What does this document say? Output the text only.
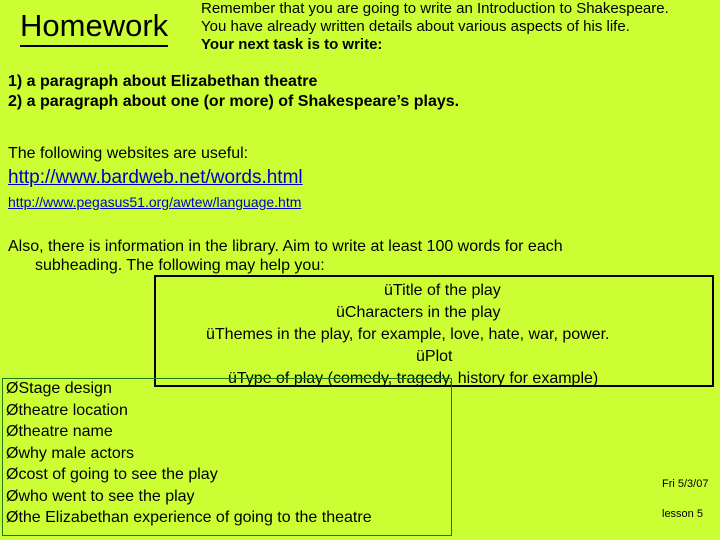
Homework Remember that you are going to write an Introduction to Shakespeare.
You have already written details about various aspects of his life.
Your next task is to write:
1) a paragraph about Elizabethan theatre
2) a paragraph about one (or more) of Shakespeare’s plays.
The following websites are useful:
http://www.bardweb.net/words.html
http://www.pegasus51.org/awtew/language.htm
Also, there is information in the library. Aim to write at least 100 words for each
subheading. The following may help you:
üTitle of the play
üCharacters in the play
üThemes in the play, for example, love, hate, war, power.
üPlot
üType of play (comedy, tragedy, history for example)
ØStage design
Øtheatre location
Øtheatre name
Øwhy male actors
Øcost of going to see the play
Øwho went to see the play
Øthe Elizabethan experience of going to the theatre
Fri 5/3/07
lesson 5
